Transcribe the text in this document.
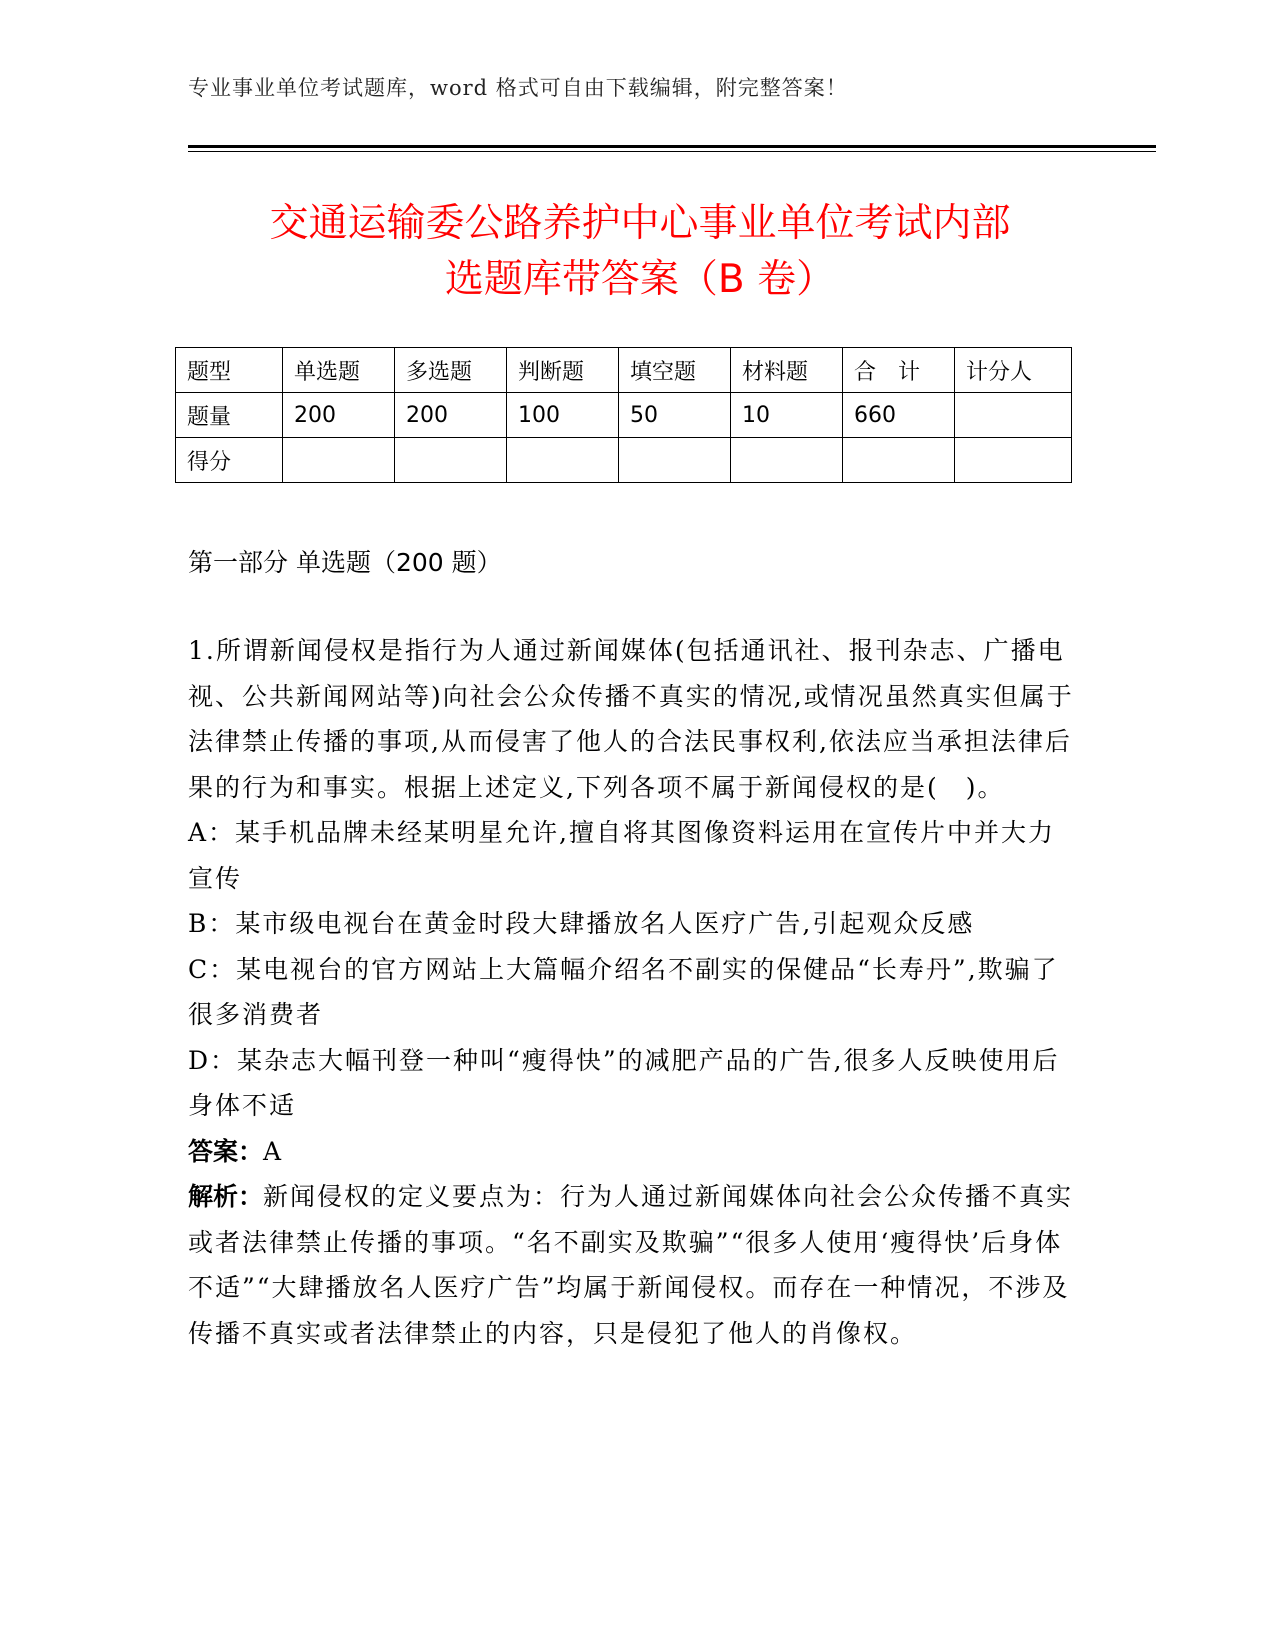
专业事业单位考试题库，word 格式可自由下载编辑，附完整答案！
交通运输委公路养护中心事业单位考试内部
选题库带答案（B 卷）
题型	单选题	多选题	判断题	填空题	材料题	合　计	计分人
题量	200	200	100	50	10	660	
得分							
第一部分 单选题（200 题）

1.所谓新闻侵权是指行为人通过新闻媒体(包括通讯社、报刊杂志、广播电视、公共新闻网站等)向社会公众传播不真实的情况,或情况虽然真实但属于法律禁止传播的事项,从而侵害了他人的合法民事权利,依法应当承担法律后果的行为和事实。根据上述定义,下列各项不属于新闻侵权的是(　)。

A：某手机品牌未经某明星允许,擅自将其图像资料运用在宣传片中并大力宣传

B：某市级电视台在黄金时段大肆播放名人医疗广告,引起观众反感

C：某电视台的官方网站上大篇幅介绍名不副实的保健品“长寿丹”,欺骗了很多消费者

D：某杂志大幅刊登一种叫“瘦得快”的减肥产品的广告,很多人反映使用后身体不适

答案：A

解析：新闻侵权的定义要点为：行为人通过新闻媒体向社会公众传播不真实或者法律禁止传播的事项。“名不副实及欺骗”“很多人使用‘瘦得快’后身体不适”“大肆播放名人医疗广告”均属于新闻侵权。而存在一种情况，不涉及传播不真实或者法律禁止的内容，只是侵犯了他人的肖像权。
